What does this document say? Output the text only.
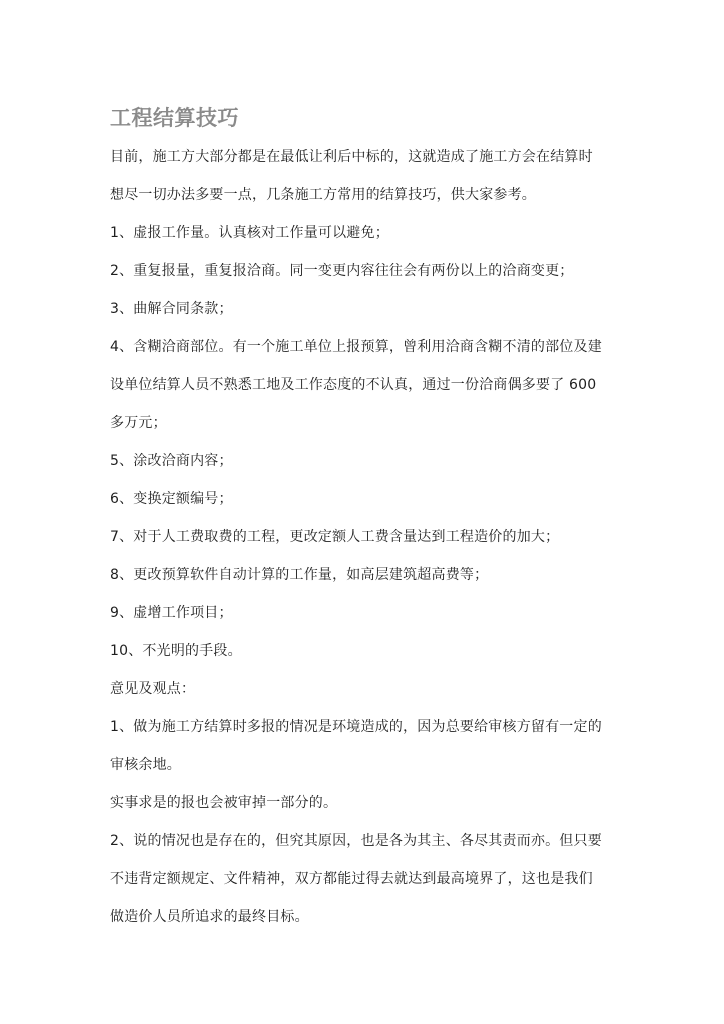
工程结算技巧

目前，施工方大部分都是在最低让利后中标的，这就造成了施工方会在结算时

想尽一切办法多要一点，几条施工方常用的结算技巧，供大家参考。

1、虚报工作量。认真核对工作量可以避免；

2、重复报量，重复报洽商。同一变更内容往往会有两份以上的洽商变更；

3、曲解合同条款；

4、含糊洽商部位。有一个施工单位上报预算，曾利用洽商含糊不清的部位及建

设单位结算人员不熟悉工地及工作态度的不认真，通过一份洽商偶多要了 600

多万元；

5、涂改洽商内容；

6、变换定额编号；

7、对于人工费取费的工程，更改定额人工费含量达到工程造价的加大；

8、更改预算软件自动计算的工作量，如高层建筑超高费等；

9、虚增工作项目；

10、不光明的手段。

意见及观点：

1、做为施工方结算时多报的情况是环境造成的，因为总要给审核方留有一定的

审核余地。

实事求是的报也会被审掉一部分的。

2、说的情况也是存在的，但究其原因，也是各为其主、各尽其责而亦。但只要

不违背定额规定、文件精神，双方都能过得去就达到最高境界了，这也是我们

做造价人员所追求的最终目标。
